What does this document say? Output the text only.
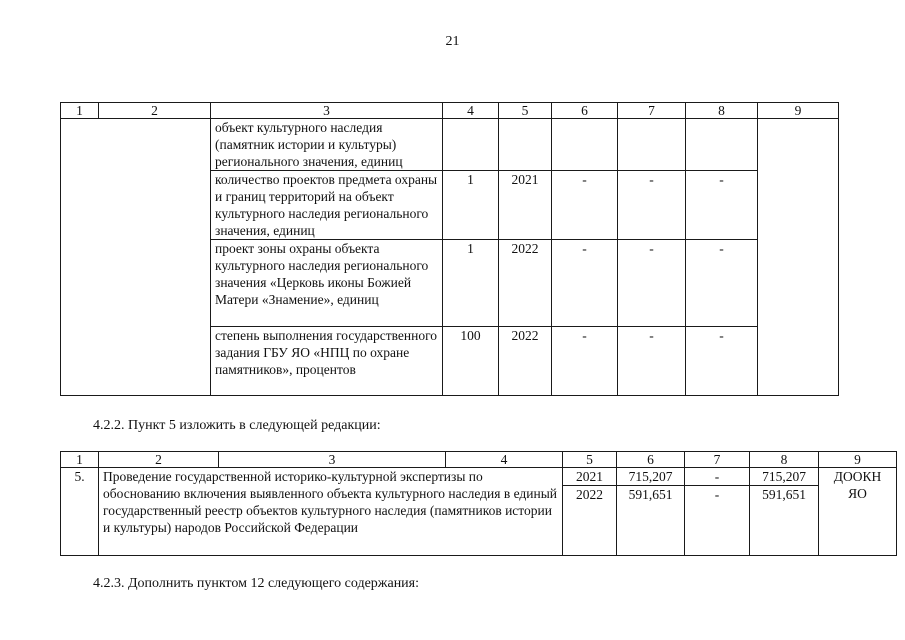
21
1	2	3	4	5	6	7	8	9
		объект культурного наследия (памятник истории и культуры) регионального значения, единиц						
		количество проектов предмета охраны и границ территорий на объект культурного наследия регионального значения, единиц	1	2021	-	-	-	
		проект зоны охраны объекта культурного наследия регионального значения «Церковь иконы Божией Матери «Знамение», единиц	1	2022	-	-	-	
		степень выполнения государственного задания ГБУ ЯО «НПЦ по охране памятников», процентов	100	2022	-	-	-	
4.2.2. Пункт 5 изложить в следующей редакции:
1	2	3	4	5	6	7	8	9
5.	Проведение государственной историко-культурной экспертизы по обоснованию включения выявленного объекта культурного наследия в единый государственный реестр объектов культурного наследия (памятников истории и культуры) народов Российской Федерации			2021	715,207	-	715,207	ДООКН ЯО
				2022	591,651	-	591,651	
4.2.3. Дополнить пунктом 12 следующего содержания:
